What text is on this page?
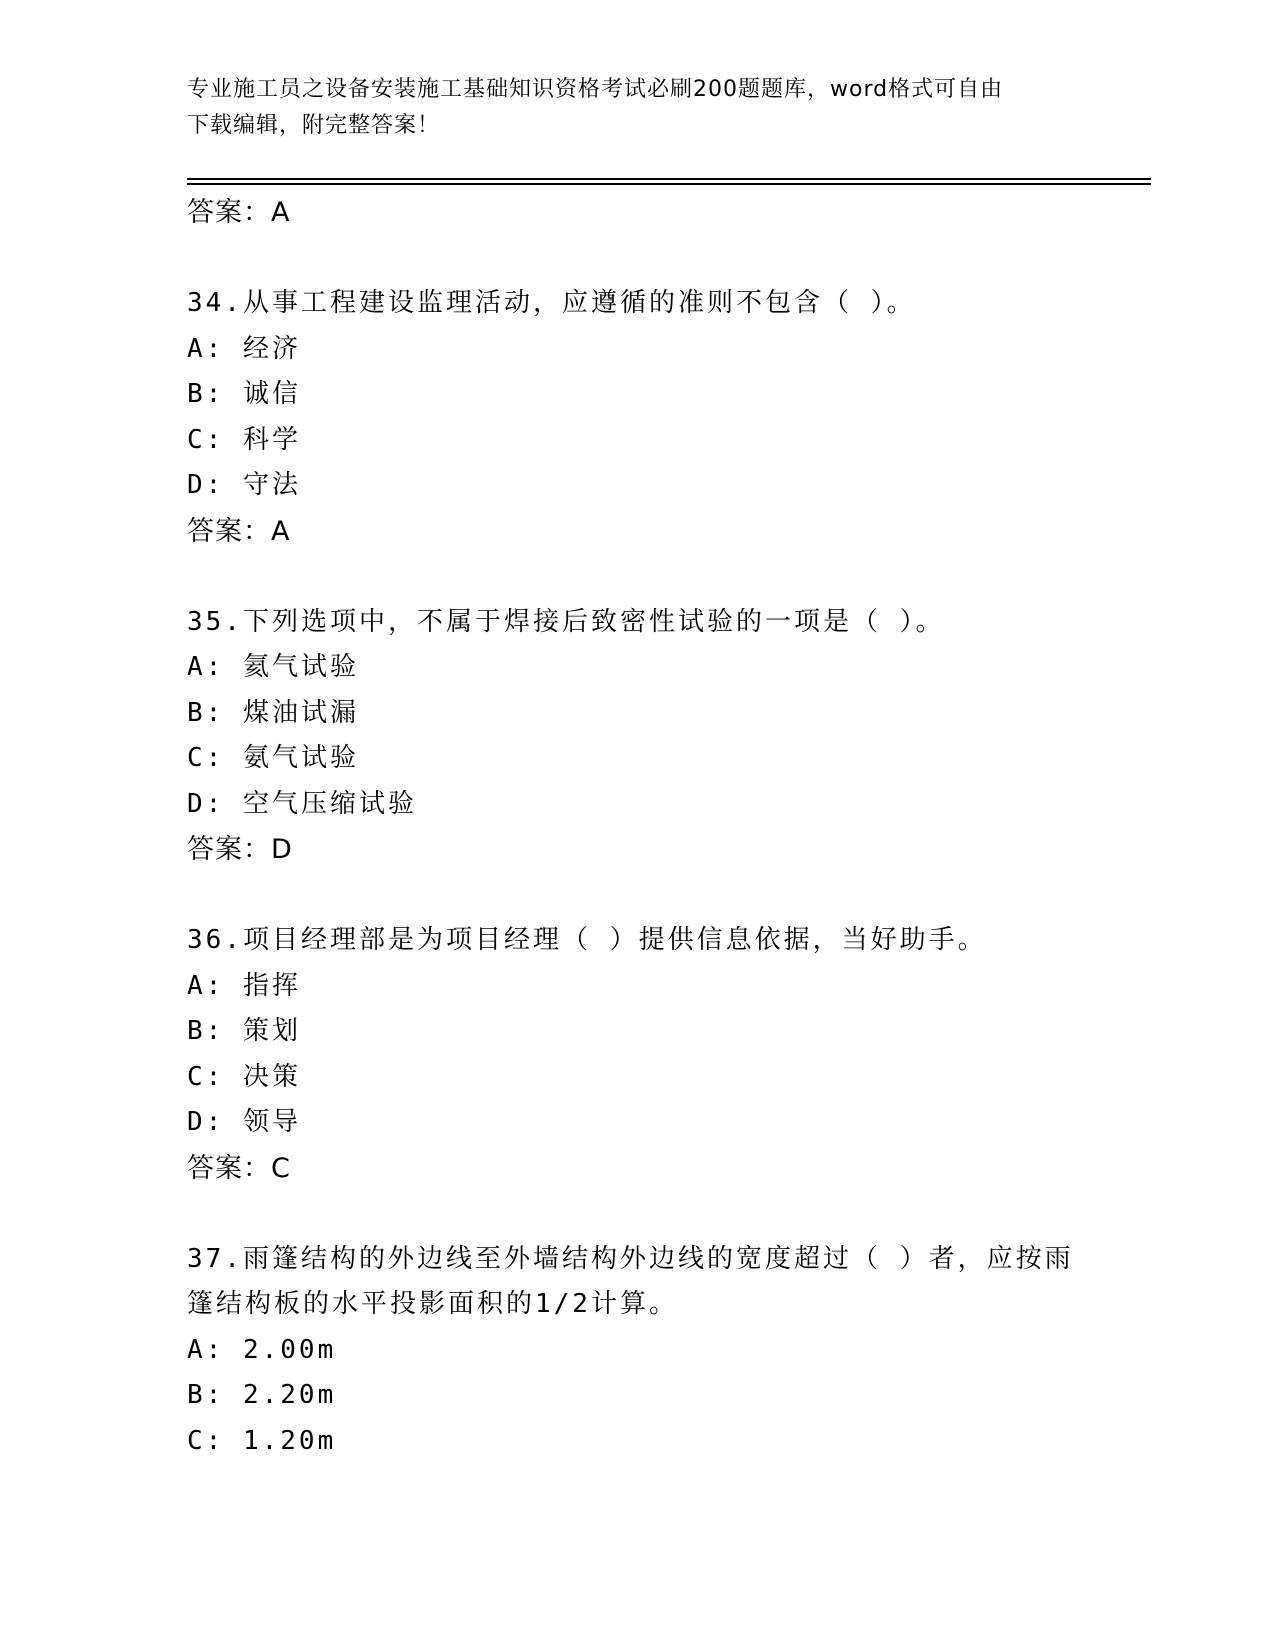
专业施工员之设备安装施工基础知识资格考试必刷200题题库，word格式可自由
下载编辑，附完整答案！
答案：A
34.从事工程建设监理活动，应遵循的准则不包含（ ）。
A: 经济
B: 诚信
C: 科学
D: 守法
答案：A
35.下列选项中，不属于焊接后致密性试验的一项是（ ）。
A: 氦气试验
B: 煤油试漏
C: 氨气试验
D: 空气压缩试验
答案：D
36.项目经理部是为项目经理（ ）提供信息依据，当好助手。
A: 指挥
B: 策划
C: 决策
D: 领导
答案：C
37.雨篷结构的外边线至外墙结构外边线的宽度超过（ ）者，应按雨
篷结构板的水平投影面积的1/2计算。
A: 2.00m
B: 2.20m
C: 1.20m
